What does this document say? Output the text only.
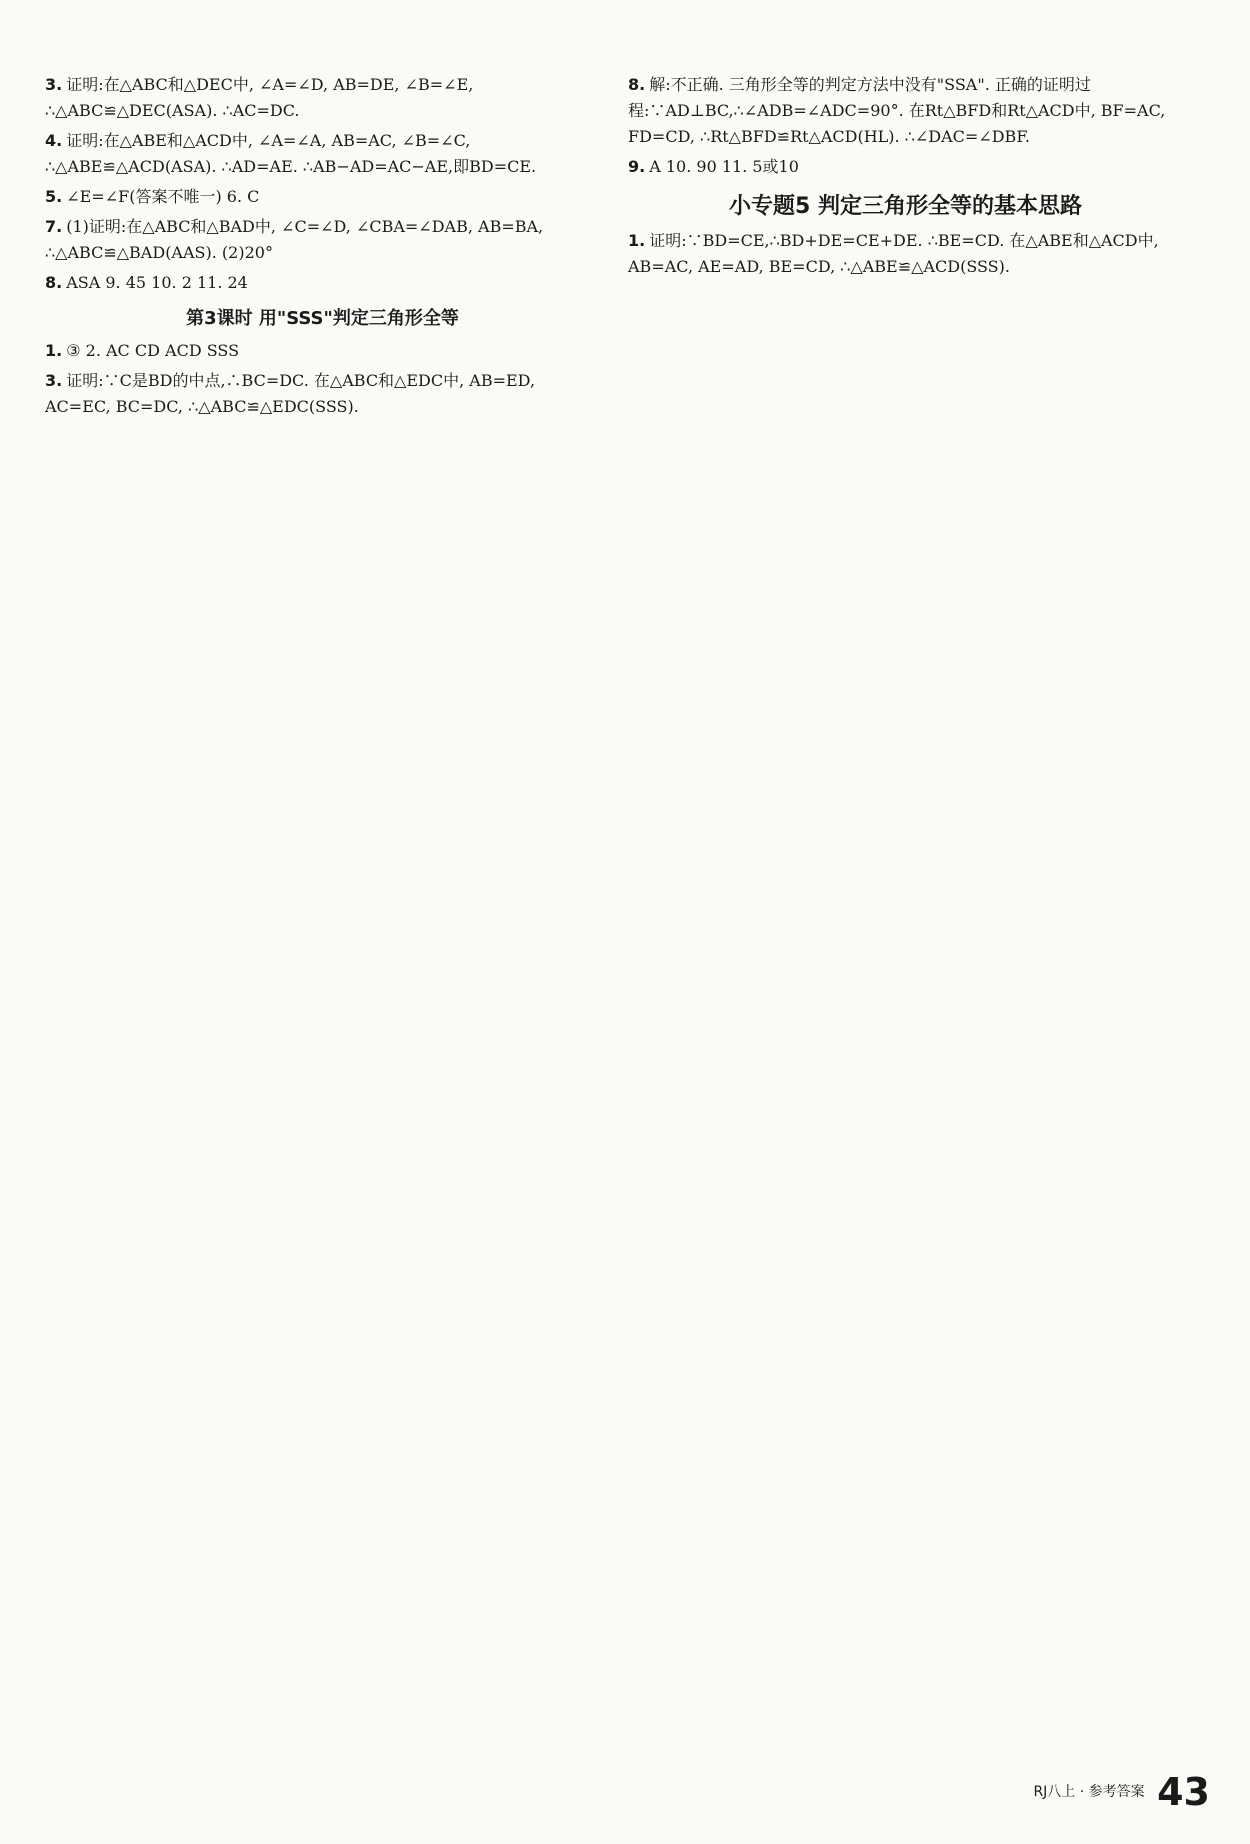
3. 证明:在△ABC和△DEC中, ∠A=∠D, AB=DE, ∠B=∠E, ∴△ABC≌△DEC(ASA). ∴AC=DC.
4. 证明:在△ABE和△ACD中, ∠A=∠A, AB=AC, ∠B=∠C, ∴△ABE≌△ACD(ASA). ∴AD=AE. ∴AB−AD=AC−AE,即BD=CE.
5. ∠E=∠F(答案不唯一) 6. C
7. (1)证明:在△ABC和△BAD中, ∠C=∠D, ∠CBA=∠DAB, AB=BA, ∴△ABC≌△BAD(AAS). (2)20°
8. ASA 9. 45 10. 2 11. 24
第3课时 用"SSS"判定三角形全等
1. ③ 2. AC CD ACD SSS
3. 证明:∵C是BD的中点,∴BC=DC. 在△ABC和△EDC中, AB=ED, AC=EC, BC=DC, ∴△ABC≌△EDC(SSS).
8. 解:不正确. 三角形全等的判定方法中没有"SSA". 正确的证明过程:∵AD⊥BC,∴∠ADB=∠ADC=90°. 在Rt△BFD和Rt△ACD中, BF=AC, FD=CD, ∴Rt△BFD≌Rt△ACD(HL). ∴∠DAC=∠DBF.
9. A 10. 90 11. 5或10
小专题5 判定三角形全等的基本思路
1. 证明:∵BD=CE,∴BD+DE=CE+DE. ∴BE=CD. 在△ABE和△ACD中, AB=AC, AE=AD, BE=CD, ∴△ABE≌△ACD(SSS).
RJ八上 · 参考答案 43
